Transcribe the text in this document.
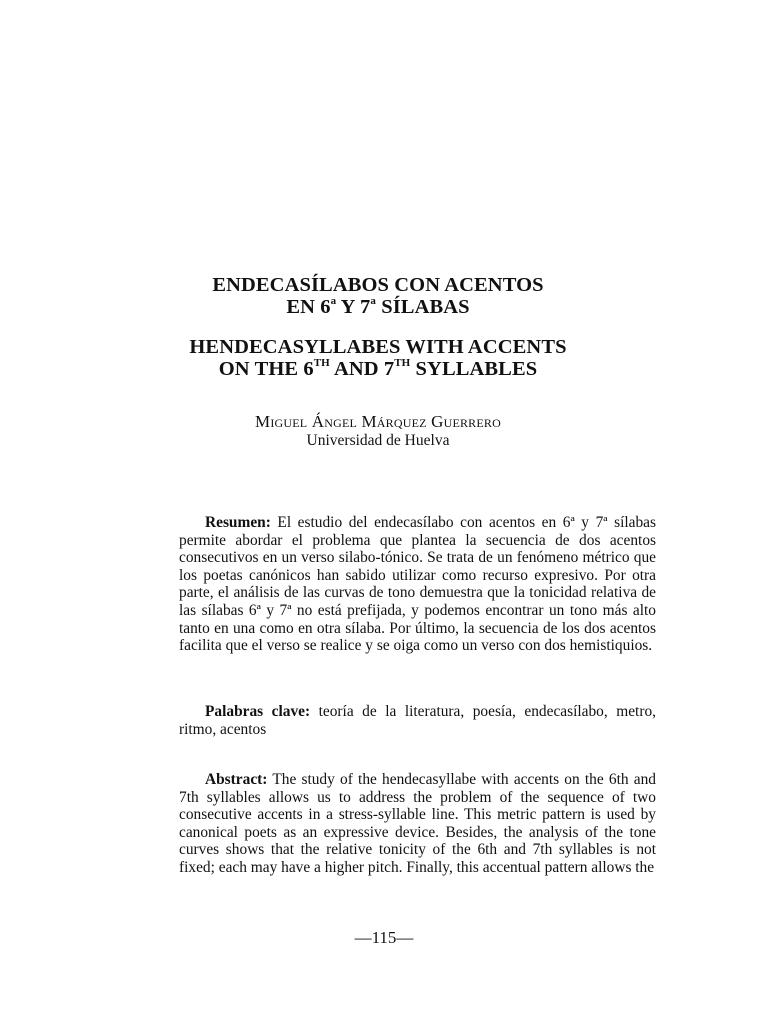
ENDECASÍLABOS CON ACENTOS
EN 6$^a$ Y 7$^a$ SÍLABAS
HENDECASYLLABES WITH ACCENTS
ON THE 6TH AND 7TH SYLLABLES
Miguel Ángel Márquez Guerrero
Universidad de Huelva

Resumen: El estudio del endecasílabo con acentos en 6ª y 7ª sílabas permite abordar el problema que plantea la secuencia de dos acentos consecutivos en un verso silabo-tónico. Se trata de un fenómeno métrico que los poetas canónicos han sabido utilizar como recurso expresivo. Por otra parte, el análisis de las curvas de tono demuestra que la tonicidad relativa de las sílabas 6ª y 7ª no está prefijada, y podemos encontrar un tono más alto tanto en una como en otra sílaba. Por último, la secuencia de los dos acentos facilita que el verso se realice y se oiga como un verso con dos hemistiquios.

Palabras clave: teoría de la literatura, poesía, endecasílabo, metro, ritmo, acentos

Abstract: The study of the hendecasyllabe with accents on the 6th and 7th syllables allows us to address the problem of the sequence of two consecutive accents in a stress-syllable line. This metric pattern is used by canonical poets as an expressive device. Besides, the analysis of the tone curves shows that the relative tonicity of the 6th and 7th syllables is not fixed; each may have a higher pitch. Finally, this accentual pattern allows the

—115—
